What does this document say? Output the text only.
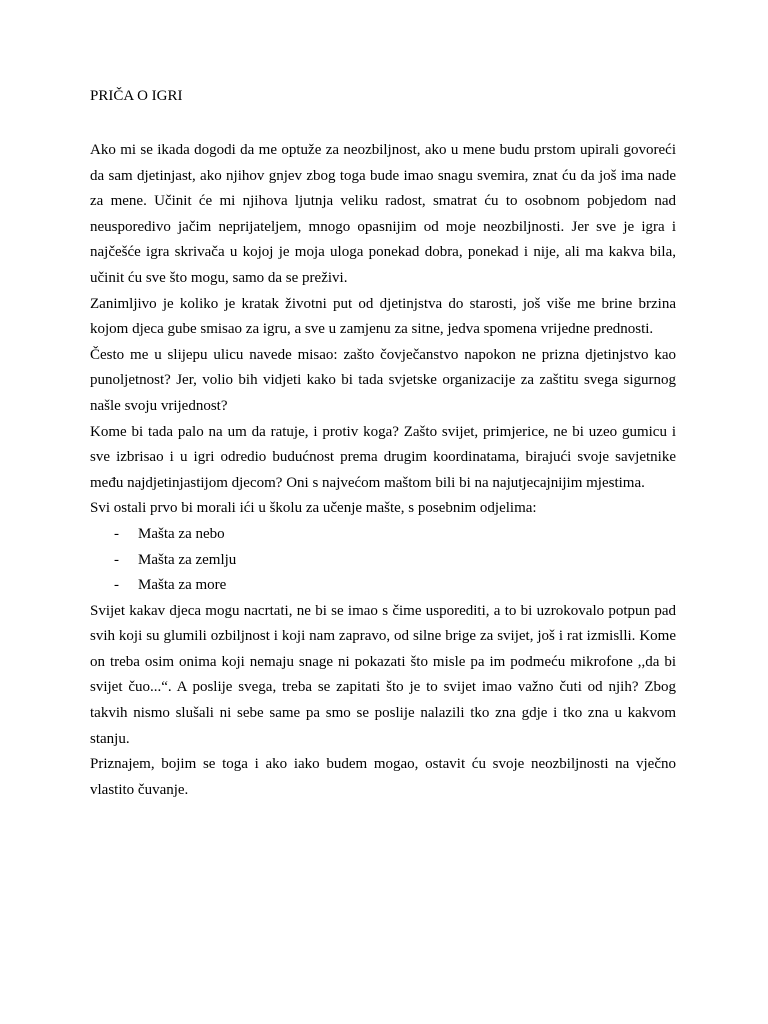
PRIČA O IGRI

Ako mi se ikada dogodi da me optuže za neozbiljnost, ako u mene budu prstom upirali govoreći da sam djetinjast, ako njihov gnjev zbog toga bude imao snagu svemira, znat ću da još ima nade za mene. Učinit će mi njihova ljutnja veliku radost, smatrat ću to osobnom pobjedom nad neusporedivo jačim neprijateljem, mnogo opasnijim od moje neozbiljnosti. Jer sve je igra i najčešće igra skrivača u kojoj je moja uloga ponekad dobra, ponekad i nije, ali ma kakva bila, učinit ću sve što mogu, samo da se preživi.

Zanimljivo je koliko je kratak životni put od djetinjstva do starosti, još više me brine brzina kojom djeca gube smisao za igru, a sve u zamjenu za sitne, jedva spomena vrijedne prednosti.

Često me u slijepu ulicu navede misao: zašto čovječanstvo napokon ne prizna djetinjstvo kao punoljetnost? Jer, volio bih vidjeti kako bi tada svjetske organizacije za zaštitu svega sigurnog našle svoju vrijednost?

Kome bi tada palo na um da ratuje, i protiv koga? Zašto svijet, primjerice, ne bi uzeo gumicu i sve izbrisao i u igri odredio budućnost prema drugim koordinatama, birajući svoje savjetnike među najdjetinjastijom djecom? Oni s najvećom maštom bili bi na najutjecajnijim mjestima.

Svi ostali prvo bi morali ići u školu za učenje mašte, s posebnim odjelima:

- Mašta za nebo
- Mašta za zemlju
- Mašta za more

Svijet kakav djeca mogu nacrtati, ne bi se imao s čime usporediti, a to bi uzrokovalo potpun pad svih koji su glumili ozbiljnost i koji nam zapravo, od silne brige za svijet, još i rat izmislli. Kome on treba osim onima koji nemaju snage ni pokazati što misle pa im podmeću mikrofone ,,da bi svijet čuo...“. A poslije svega, treba se zapitati što je to svijet imao važno čuti od njih? Zbog takvih nismo slušali ni sebe same pa smo se poslije nalazili tko zna gdje i tko zna u kakvom stanju.

Priznajem, bojim se toga i ako iako budem mogao, ostavit ću svoje neozbiljnosti na vječno vlastito čuvanje.
